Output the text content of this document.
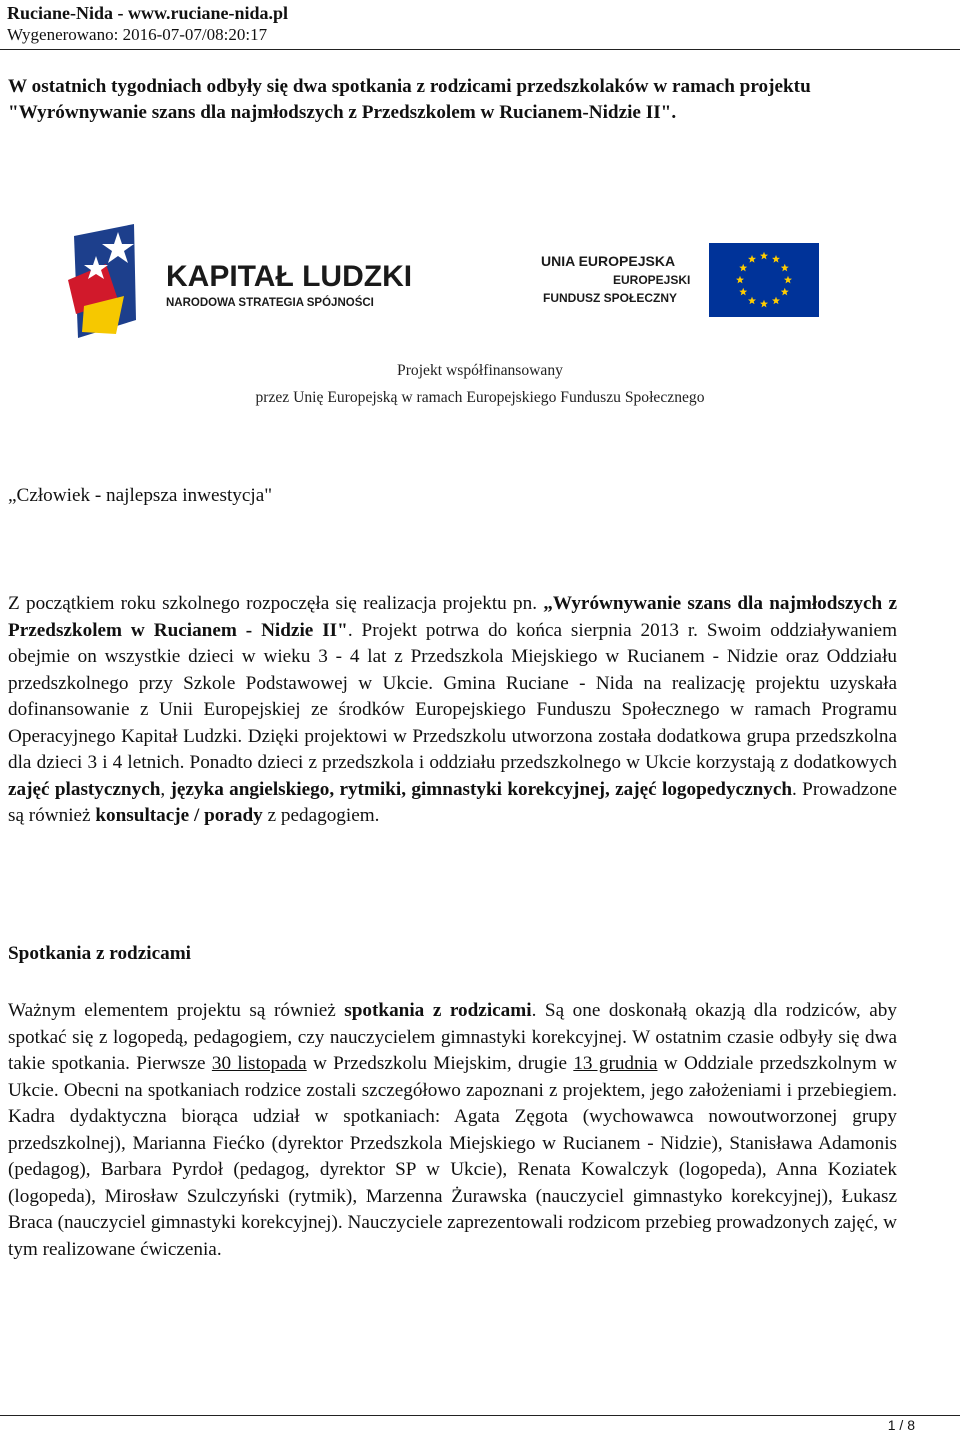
Ruciane-Nida - www.ruciane-nida.pl
Wygenerowano: 2016-07-07/08:20:17
W ostatnich tygodniach odbyły się dwa spotkania z rodzicami przedszkolaków w ramach projektu "Wyrównywanie szans dla najmłodszych z Przedszkolem w Rucianem-Nidzie II".
KAPITAŁ LUDZKI
NARODOWA STRATEGIA SPÓJNOŚCI
UNIA EUROPEJSKA
EUROPEJSKI
FUNDUSZ SPOŁECZNY
Projekt współfinansowany
przez Unię Europejską w ramach Europejskiego Funduszu Społecznego
„Człowiek - najlepsza inwestycja"
Z początkiem roku szkolnego rozpoczęła się realizacja projektu pn. „Wyrównywanie szans dla najmłodszych z Przedszkolem w Rucianem - Nidzie II". Projekt potrwa do końca sierpnia 2013 r. Swoim oddziaływaniem obejmie on wszystkie dzieci w wieku 3 - 4 lat z Przedszkola Miejskiego w Rucianem - Nidzie oraz Oddziału przedszkolnego przy Szkole Podstawowej w Ukcie. Gmina Ruciane - Nida na realizację projektu uzyskała dofinansowanie z Unii Europejskiej ze środków Europejskiego Funduszu Społecznego w ramach Programu Operacyjnego Kapitał Ludzki. Dzięki projektowi w Przedszkolu utworzona została dodatkowa grupa przedszkolna dla dzieci 3 i 4 letnich. Ponadto dzieci z przedszkola i oddziału przedszkolnego w Ukcie korzystają z dodatkowych zajęć plastycznych, języka angielskiego, rytmiki, gimnastyki korekcyjnej, zajęć logopedycznych. Prowadzone są również konsultacje / porady z pedagogiem.
Spotkania z rodzicami
Ważnym elementem projektu są również spotkania z rodzicami. Są one doskonałą okazją dla rodziców, aby spotkać się z logopedą, pedagogiem, czy nauczycielem gimnastyki korekcyjnej. W ostatnim czasie odbyły się dwa takie spotkania. Pierwsze 30 listopada w Przedszkolu Miejskim, drugie 13 grudnia w Oddziale przedszkolnym w Ukcie. Obecni na spotkaniach rodzice zostali szczegółowo zapoznani z projektem, jego założeniami i przebiegiem. Kadra dydaktyczna biorąca udział w spotkaniach: Agata Zęgota (wychowawca nowoutworzonej grupy przedszkolnej), Marianna Fiećko (dyrektor Przedszkola Miejskiego w Rucianem - Nidzie), Stanisława Adamonis (pedagog), Barbara Pyrdoł (pedagog, dyrektor SP w Ukcie), Renata Kowalczyk (logopeda), Anna Koziatek (logopeda), Mirosław Szulczyński (rytmik), Marzenna Żurawska (nauczyciel gimnastyko korekcyjnej), Łukasz Braca (nauczyciel gimnastyki korekcyjnej). Nauczyciele zaprezentowali rodzicom przebieg prowadzonych zajęć, w tym realizowane ćwiczenia.
1 / 8
